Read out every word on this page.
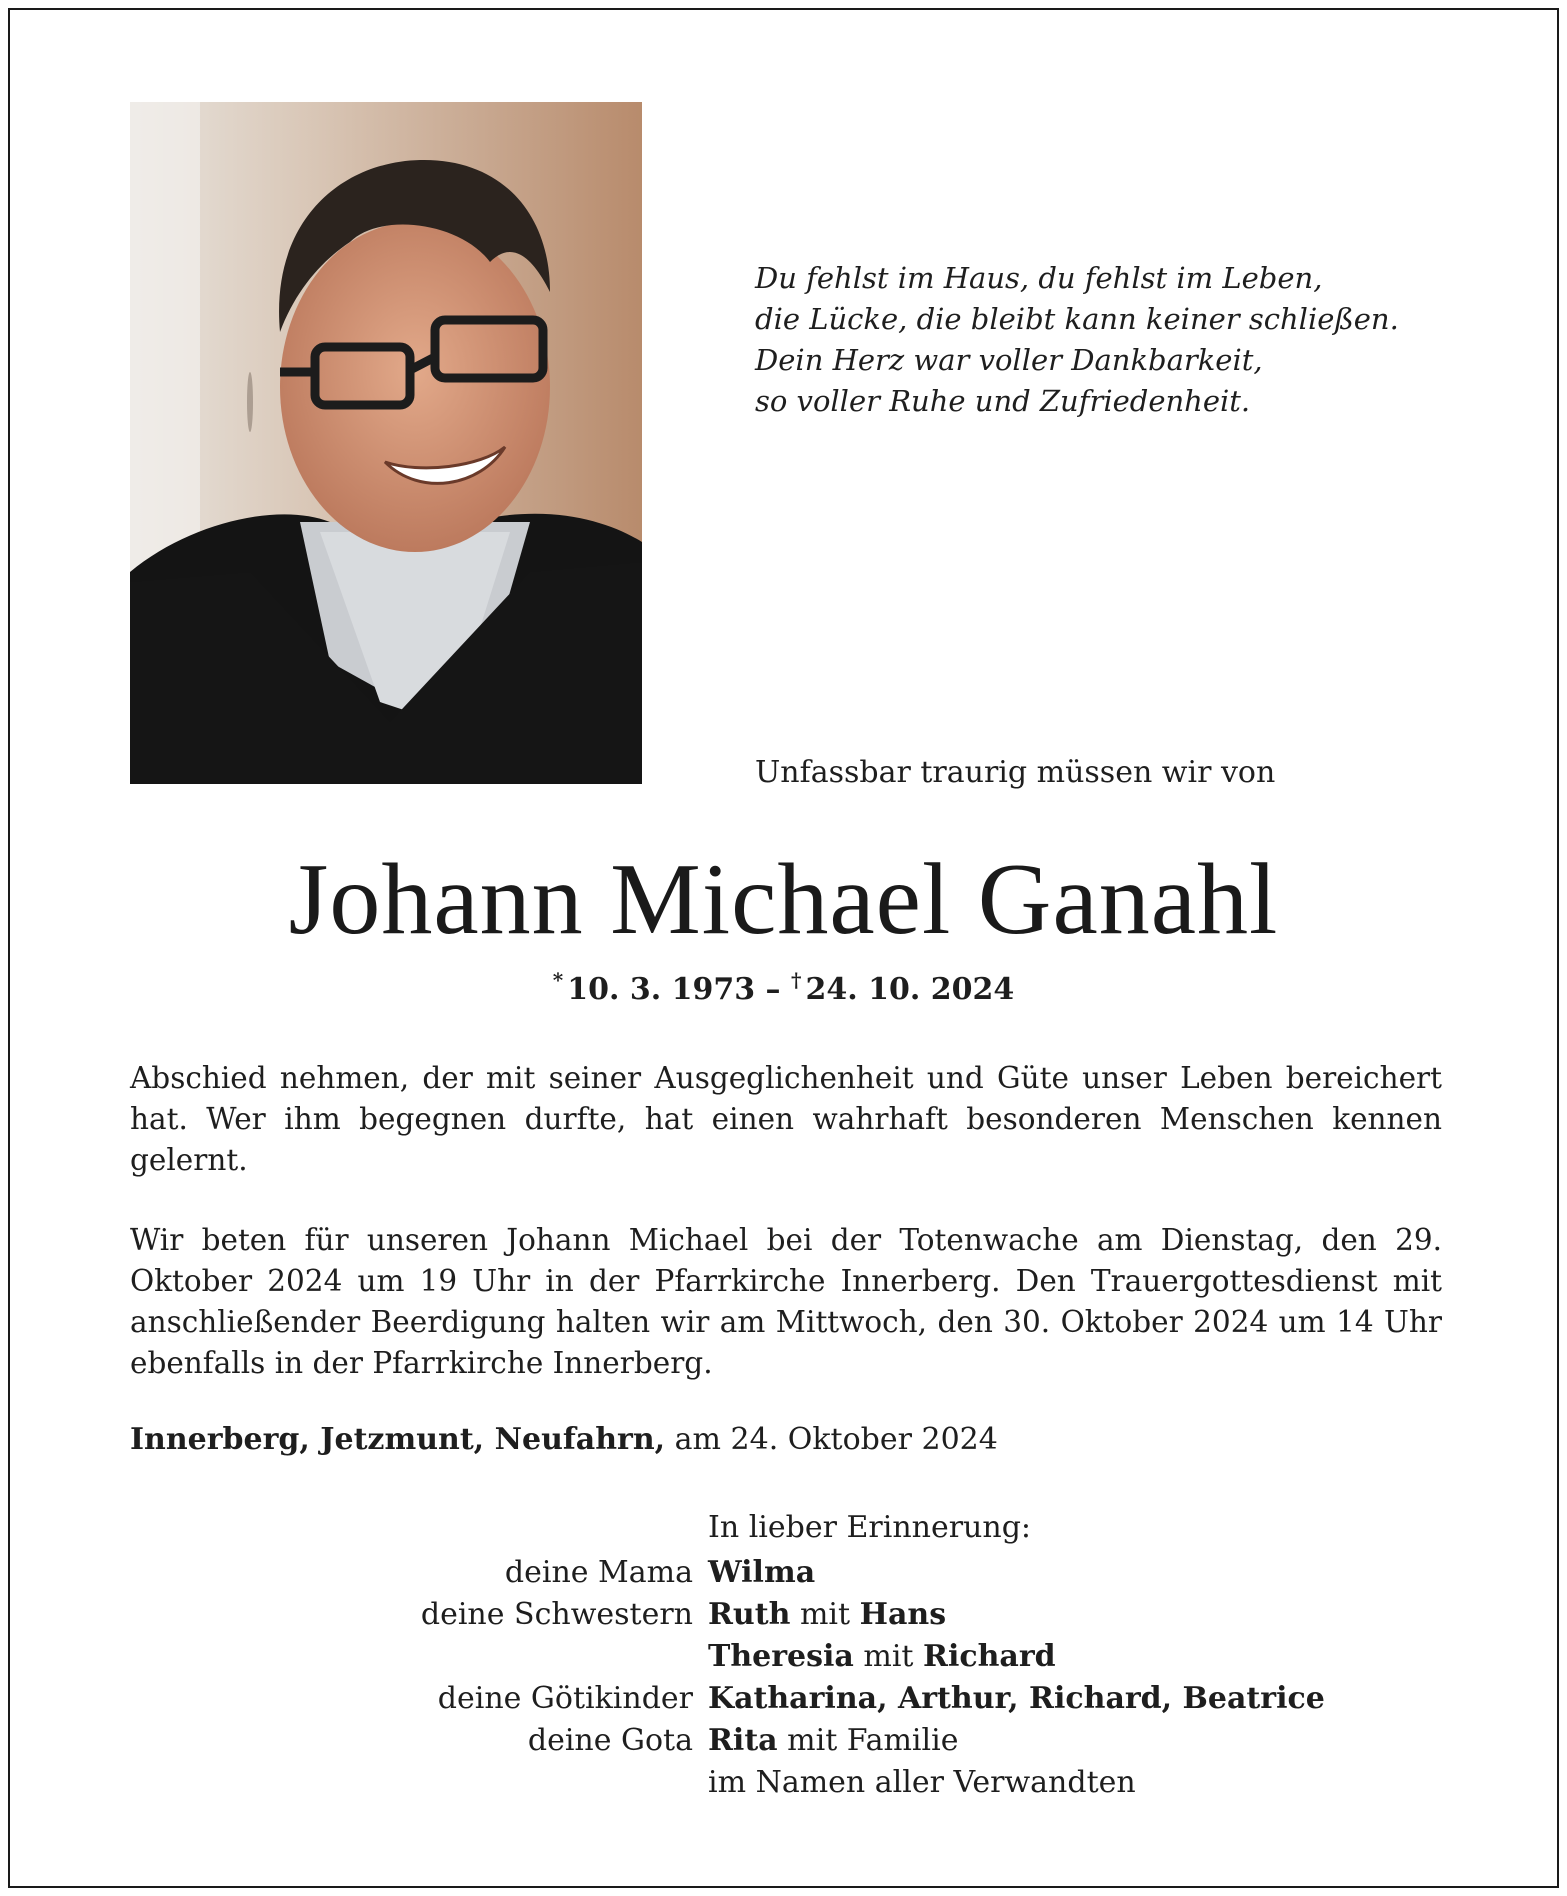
Du fehlst im Haus, du fehlst im Leben,
die Lücke, die bleibt kann keiner schließen.
Dein Herz war voller Dankbarkeit,
so voller Ruhe und Zufriedenheit.
Unfassbar traurig müssen wir von
Johann Michael Ganahl
* 10. 3. 1973 – † 24. 10. 2024
Abschied nehmen, der mit seiner Ausgeglichenheit und Güte unser Leben bereichert hat. Wer ihm begegnen durfte, hat einen wahrhaft besonderen Menschen kennen gelernt.
Wir beten für unseren Johann Michael bei der Totenwache am Dienstag, den 29. Oktober 2024 um 19 Uhr in der Pfarrkirche Innerberg. Den Trauergottesdienst mit anschließender Beerdigung halten wir am Mittwoch, den 30. Oktober 2024 um 14 Uhr ebenfalls in der Pfarrkirche Innerberg.
Innerberg, Jetzmunt, Neufahrn, am 24. Oktober 2024
In lieber Erinnerung:
deine Mama Wilma
deine Schwestern Ruth mit Hans
Theresia mit Richard
deine Götikinder Katharina, Arthur, Richard, Beatrice
deine Gota Rita mit Familie
im Namen aller Verwandten
